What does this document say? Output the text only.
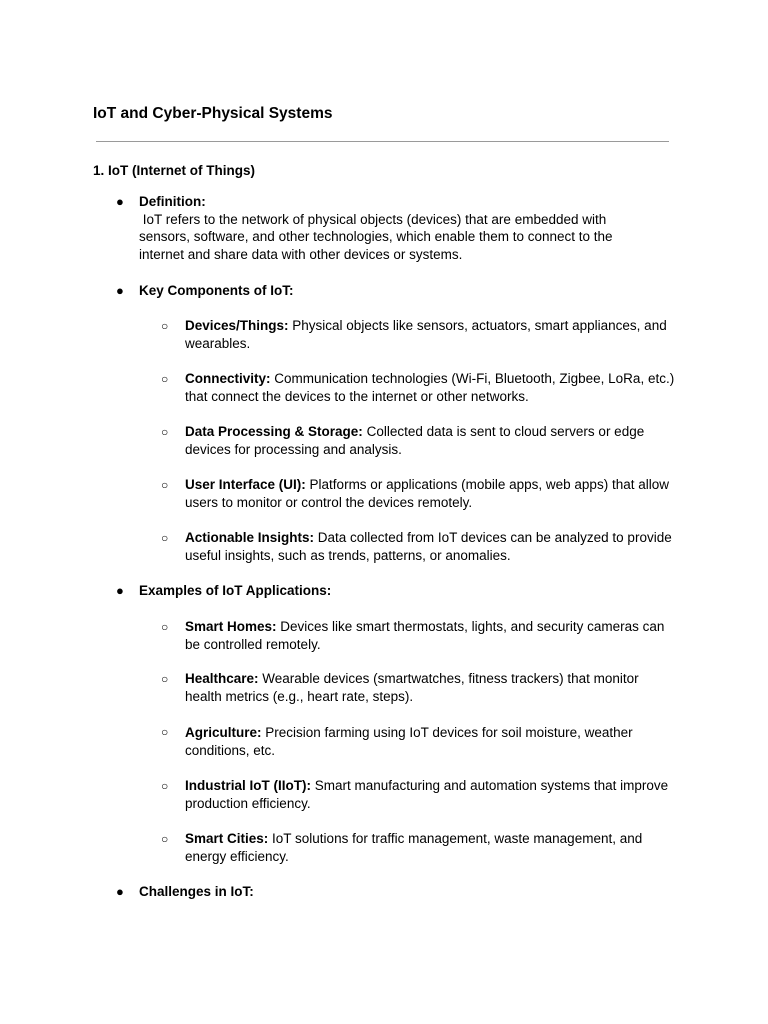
IoT and Cyber-Physical Systems
1. IoT (Internet of Things)
● Definition:
IoT refers to the network of physical objects (devices) that are embedded with sensors, software, and other technologies, which enable them to connect to the internet and share data with other devices or systems.
● Key Components of IoT:
○ Devices/Things: Physical objects like sensors, actuators, smart appliances, and wearables.
○ Connectivity: Communication technologies (Wi-Fi, Bluetooth, Zigbee, LoRa, etc.) that connect the devices to the internet or other networks.
○ Data Processing & Storage: Collected data is sent to cloud servers or edge devices for processing and analysis.
○ User Interface (UI): Platforms or applications (mobile apps, web apps) that allow users to monitor or control the devices remotely.
○ Actionable Insights: Data collected from IoT devices can be analyzed to provide useful insights, such as trends, patterns, or anomalies.
● Examples of IoT Applications:
○ Smart Homes: Devices like smart thermostats, lights, and security cameras can be controlled remotely.
○ Healthcare: Wearable devices (smartwatches, fitness trackers) that monitor health metrics (e.g., heart rate, steps).
○ Agriculture: Precision farming using IoT devices for soil moisture, weather conditions, etc.
○ Industrial IoT (IIoT): Smart manufacturing and automation systems that improve production efficiency.
○ Smart Cities: IoT solutions for traffic management, waste management, and energy efficiency.
● Challenges in IoT:
